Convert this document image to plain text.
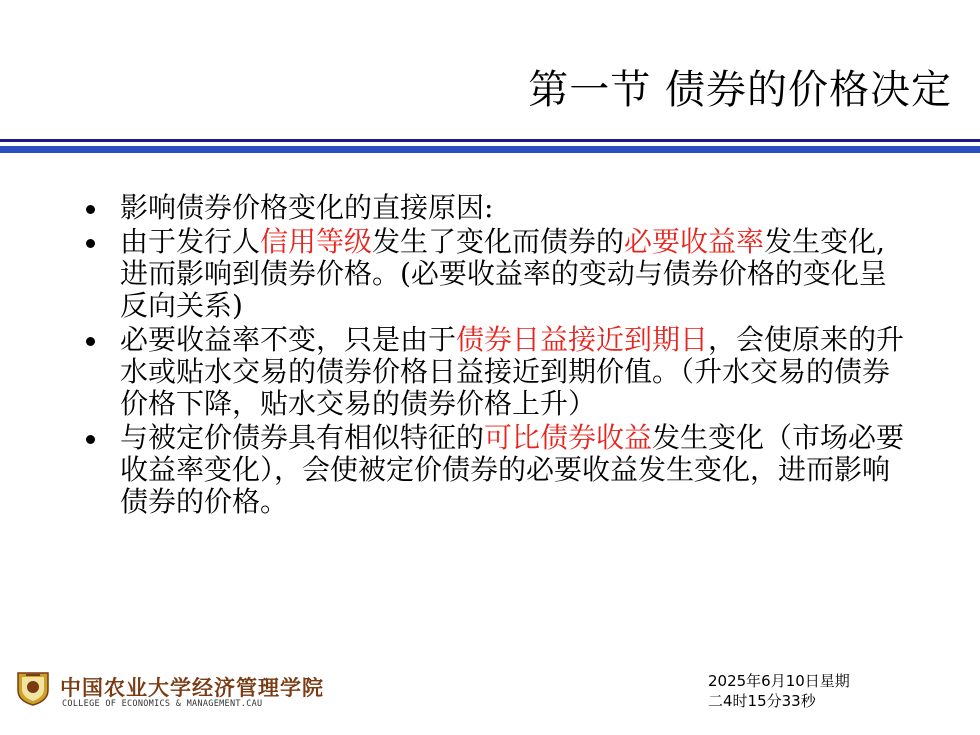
第一节 债券的价格决定
影响债券价格变化的直接原因:
由于发行人信用等级发生了变化而债券的必要收益率发生变化,进而影响到债券价格。(必要收益率的变动与债券价格的变化呈反向关系)
必要收益率不变，只是由于债券日益接近到期日，会使原来的升水或贴水交易的债券价格日益接近到期价值。（升水交易的债券价格下降，贴水交易的债券价格上升）
与被定价债券具有相似特征的可比债券收益发生变化（市场必要收益率变化），会使被定价债券的必要收益发生变化，进而影响债券的价格。
中国农业大学经济管理学院
COLLEGE OF ECONOMICS & MANAGEMENT.CAU
2025年6月10日星期
二4时15分33秒
